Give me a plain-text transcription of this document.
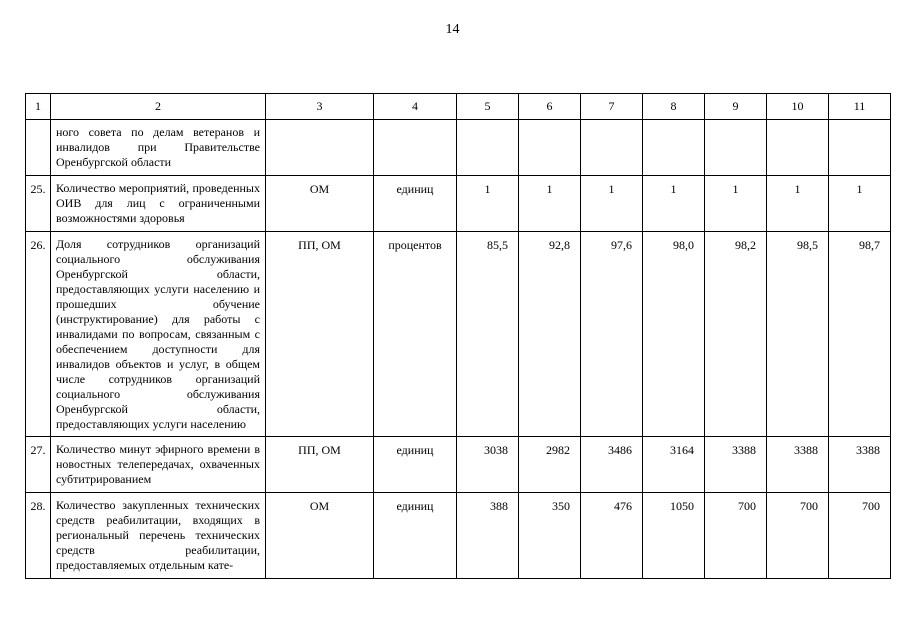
14
1	2	3	4	5	6	7	8	9	10	11
	ного совета по делам ветеранов и инвалидов при Правительстве Оренбургской области									
25.	Количество мероприятий, проведенных ОИВ для лиц с ограниченными возможностями здоровья	ОМ	единиц	1	1	1	1	1	1	1
26.	Доля сотрудников организаций социального обслуживания Оренбургской области, предоставляющих услуги населению и прошедших обучение (инструктирование) для работы с инвалидами по вопросам, связанным с обеспечением доступности для инвалидов объектов и услуг, в общем числе сотрудников организаций социального обслуживания Оренбургской области, предоставляющих услуги населению	ПП, ОМ	процентов	85,5	92,8	97,6	98,0	98,2	98,5	98,7
27.	Количество минут эфирного времени в новостных телепередачах, охваченных субтитрированием	ПП, ОМ	единиц	3038	2982	3486	3164	3388	3388	3388
28.	Количество закупленных технических средств реабилитации, входящих в региональный перечень технических средств реабилитации, предоставляемых отдельным кате-	ОМ	единиц	388	350	476	1050	700	700	700
